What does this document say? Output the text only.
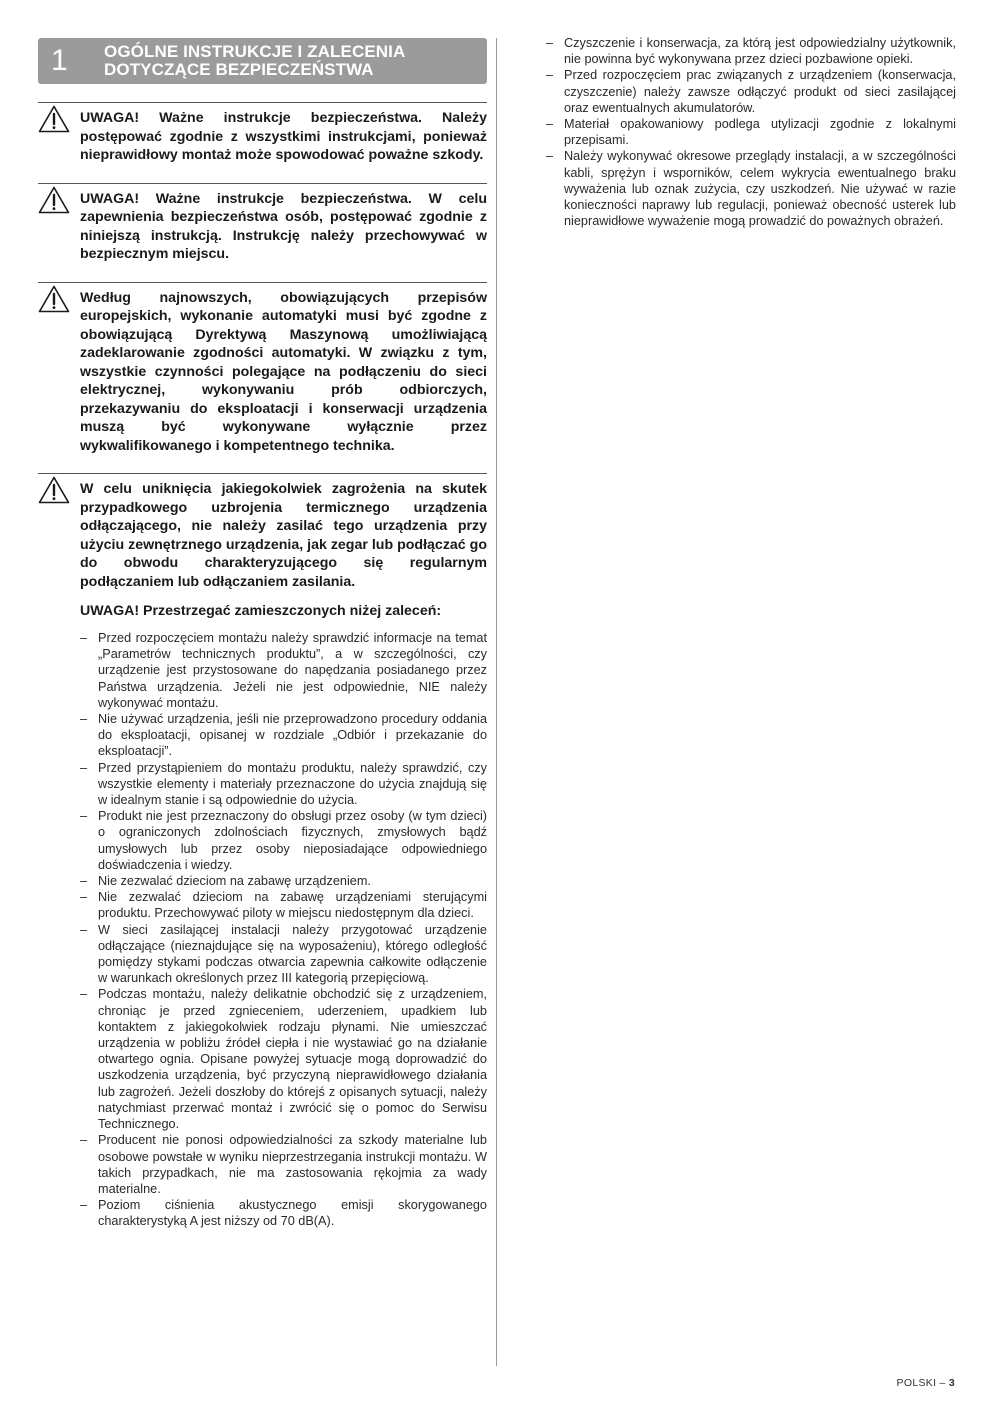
1 OGÓLNE INSTRUKCJE I ZALECENIA
DOTYCZĄCE BEZPIECZEŃSTWA

UWAGA! Ważne instrukcje bezpieczeństwa. Należy postępować zgodnie z wszystkimi instrukcjami, ponieważ nieprawidłowy montaż może spowodować poważne szkody.

UWAGA! Ważne instrukcje bezpieczeństwa. W celu zapewnienia bezpieczeństwa osób, postępować zgodnie z niniejszą instrukcją. Instrukcję należy przechowywać w bezpiecznym miejscu.

Według najnowszych, obowiązujących przepisów europejskich, wykonanie automatyki musi być zgodne z obowiązującą Dyrektywą Maszynową umożliwiającą zadeklarowanie zgodności automatyki. W związku z tym, wszystkie czynności polegające na podłączeniu do sieci elektrycznej, wykonywaniu prób odbiorczych, przekazywaniu do eksploatacji i konserwacji urządzenia muszą być wykonywane wyłącznie przez wykwalifikowanego i kompetentnego technika.

W celu uniknięcia jakiegokolwiek zagrożenia na skutek przypadkowego uzbrojenia termicznego urządzenia odłączającego, nie należy zasilać tego urządzenia przy użyciu zewnętrznego urządzenia, jak zegar lub podłączać go do obwodu charakteryzującego się regularnym podłączaniem lub odłączaniem zasilania.

UWAGA! Przestrzegać zamieszczonych niżej zaleceń:

– Przed rozpoczęciem montażu należy sprawdzić informacje na temat „Parametrów technicznych produktu”, a w szczególności, czy urządzenie jest przystosowane do napędzania posiadanego przez Państwa urządzenia. Jeżeli nie jest odpowiednie, NIE należy wykonywać montażu.
– Nie używać urządzenia, jeśli nie przeprowadzono procedury oddania do eksploatacji, opisanej w rozdziale „Odbiór i przekazanie do eksploatacji”.
– Przed przystąpieniem do montażu produktu, należy sprawdzić, czy wszystkie elementy i materiały przeznaczone do użycia znajdują się w idealnym stanie i są odpowiednie do użycia.
– Produkt nie jest przeznaczony do obsługi przez osoby (w tym dzieci) o ograniczonych zdolnościach fizycznych, zmysłowych bądź umysłowych lub przez osoby nieposiadające odpowiedniego doświadczenia i wiedzy.
– Nie zezwalać dzieciom na zabawę urządzeniem.
– Nie zezwalać dzieciom na zabawę urządzeniami sterującymi produktu. Przechowywać piloty w miejscu niedostępnym dla dzieci.
– W sieci zasilającej instalacji należy przygotować urządzenie odłączające (nieznajdujące się na wyposażeniu), którego odległość pomiędzy stykami podczas otwarcia zapewnia całkowite odłączenie w warunkach określonych przez III kategorią przepięciową.
– Podczas montażu, należy delikatnie obchodzić się z urządzeniem, chroniąc je przed zgnieceniem, uderzeniem, upadkiem lub kontaktem z jakiegokolwiek rodzaju płynami. Nie umieszczać urządzenia w pobliżu źródeł ciepła i nie wystawiać go na działanie otwartego ognia. Opisane powyżej sytuacje mogą doprowadzić do uszkodzenia urządzenia, być przyczyną nieprawidłowego działania lub zagrożeń. Jeżeli doszłoby do którejś z opisanych sytuacji, należy natychmiast przerwać montaż i zwrócić się o pomoc do Serwisu Technicznego.
– Producent nie ponosi odpowiedzialności za szkody materialne lub osobowe powstałe w wyniku nieprzestrzegania instrukcji montażu. W takich przypadkach, nie ma zastosowania rękojmia za wady materialne.
– Poziom ciśnienia akustycznego emisji skorygowanego charakterystyką A jest niższy od 70 dB(A).
– Czyszczenie i konserwacja, za którą jest odpowiedzialny użytkownik, nie powinna być wykonywana przez dzieci pozbawione opieki.
– Przed rozpoczęciem prac związanych z urządzeniem (konserwacja, czyszczenie) należy zawsze odłączyć produkt od sieci zasilającej oraz ewentualnych akumulatorów.
– Materiał opakowaniowy podlega utylizacji zgodnie z lokalnymi przepisami.
– Należy wykonywać okresowe przeglądy instalacji, a w szczególności kabli, sprężyn i wsporników, celem wykrycia ewentualnego braku wyważenia lub oznak zużycia, czy uszkodzeń. Nie używać w razie konieczności naprawy lub regulacji, ponieważ obecność usterek lub nieprawidłowe wyważenie mogą prowadzić do poważnych obrażeń.
POLSKI – 3
